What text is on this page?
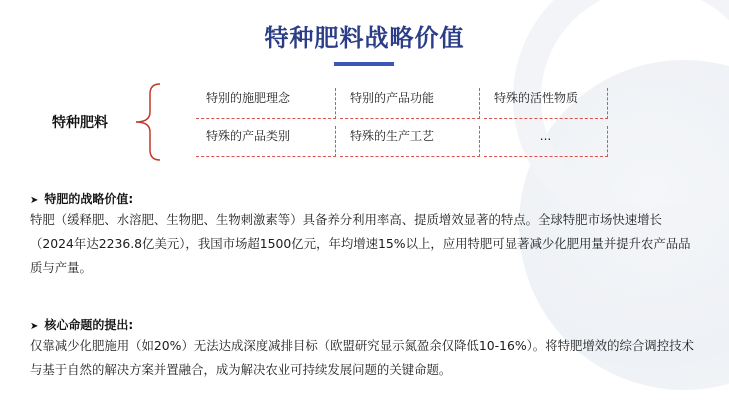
特种肥料战略价值
特种肥料
特别的施肥理念	特别的产品功能	特殊的活性物质
特殊的产品类别	特殊的生产工艺	...
➤ 特肥的战略价值:
特肥（缓释肥、水溶肥、生物肥、生物刺激素等）具备养分利用率高、提质增效显著的特点。全球特肥市场快速增长（2024年达2236.8亿美元），我国市场超1500亿元，年均增速15%以上，应用特肥可显著减少化肥用量并提升农产品品质与产量。
➤ 核心命题的提出:
仅靠减少化肥施用（如20%）无法达成深度减排目标（欧盟研究显示氮盈余仅降低10-16%）。将特肥增效的综合调控技术与基于自然的解决方案并置融合，成为解决农业可持续发展问题的关键命题。
